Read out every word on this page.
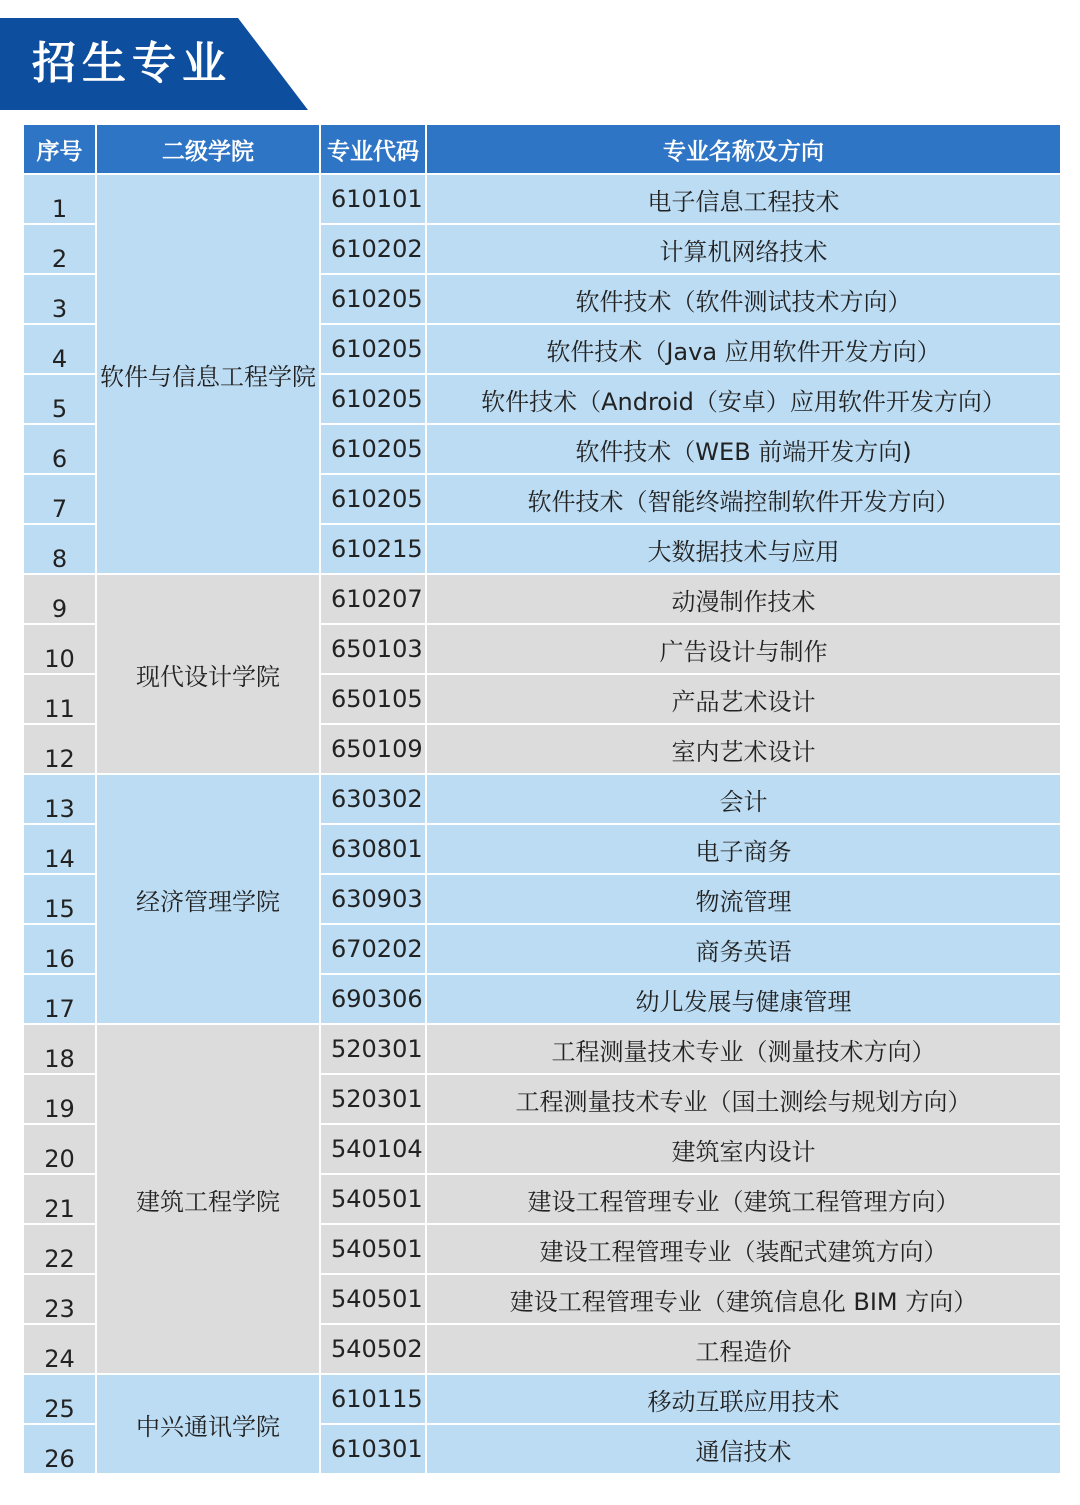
招生专业
序号	二级学院	专业代码	专业名称及方向
1	软件与信息工程学院	610101	电子信息工程技术
2		610202	计算机网络技术
3		610205	软件技术（软件测试技术方向）
4		610205	软件技术（Java 应用软件开发方向）
5		610205	软件技术（Android（安卓）应用软件开发方向）
6		610205	软件技术（WEB 前端开发方向)
7		610205	软件技术（智能终端控制软件开发方向）
8		610215	大数据技术与应用
9	现代设计学院	610207	动漫制作技术
10		650103	广告设计与制作
11		650105	产品艺术设计
12		650109	室内艺术设计
13	经济管理学院	630302	会计
14		630801	电子商务
15		630903	物流管理
16		670202	商务英语
17		690306	幼儿发展与健康管理
18	建筑工程学院	520301	工程测量技术专业（测量技术方向）
19		520301	工程测量技术专业（国土测绘与规划方向）
20		540104	建筑室内设计
21		540501	建设工程管理专业（建筑工程管理方向）
22		540501	建设工程管理专业（装配式建筑方向）
23		540501	建设工程管理专业（建筑信息化 BIM 方向）
24		540502	工程造价
25	中兴通讯学院	610115	移动互联应用技术
26		610301	通信技术
